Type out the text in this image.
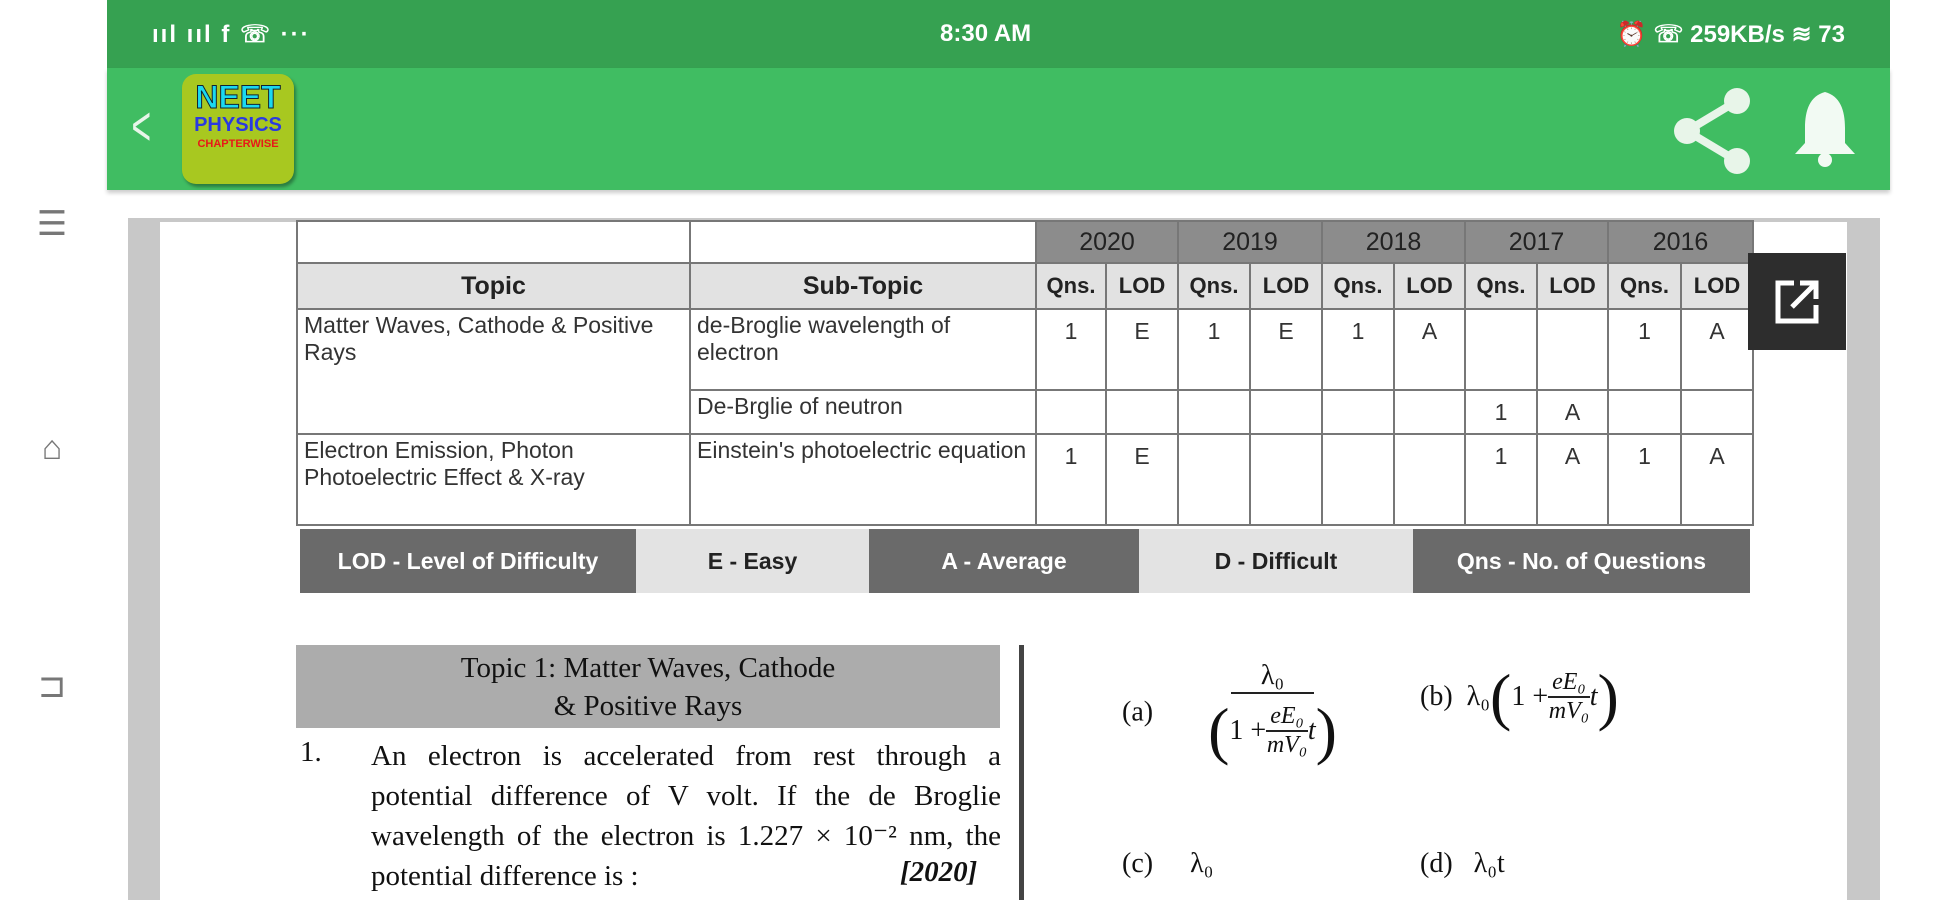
☰
⌂
⊐
ııl ııl f ☏ ···	8:30 AM	⏰ ☏ 259KB/s ≋ 73
<	NEET
PHYSICS
CHAPTERWISE
		2020		2019		2018		2017		2016	
Topic	Sub-Topic	Qns.	LOD	Qns.	LOD	Qns.	LOD	Qns.	LOD	Qns.	LOD
Matter Waves, Cathode & Positive Rays	de-Broglie wavelength of electron	1	E	1	E	1	A			1	A
	De-Brglie of neutron							1	A		
Electron Emission, Photon Photoelectric Effect & X-ray	Einstein's photoelectric equation	1	E					1	A	1	A
LOD - Level of Difficulty	E - Easy	A - Average	D - Difficult	Qns - No. of Questions
Topic 1: Matter Waves, Cathode
& Positive Rays
1. An electron is accelerated from rest through a potential difference of V volt. If the de Broglie wavelength of the electron is 1.227 × 10⁻² nm, the potential difference is :	[2020]
$(a) \frac{\text{λ₀}}{( 1 + \frac{\text{eE₀}}{\text{mV₀}} t )}$	(b) λ₀ ( $1 + \frac{\text{eE₀}}{\text{mV₀}}$ t )
(c) λ₀	(d) λ₀t
